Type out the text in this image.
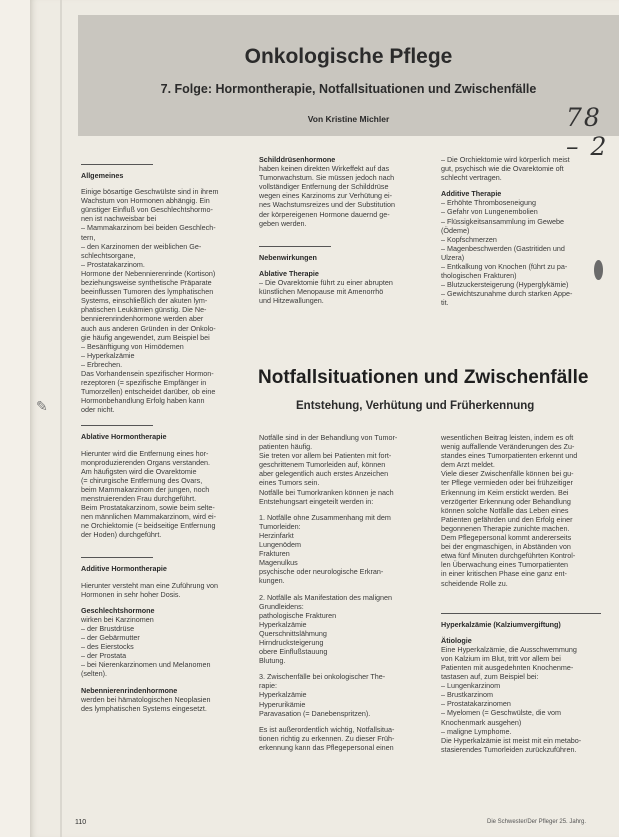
Onkologische Pflege
7. Folge: Hormontherapie, Notfallsituationen und Zwischenfälle
Von Kristine Michler	78 – 2

Allgemeines

Einige bösartige Geschwülste sind in ihrem

Wachstum von Hormonen abhängig. Ein

günstiger Einfluß von Geschlechtshormo-

nen ist nachweisbar bei

– Mammakarzinom bei beiden Geschlech-

tern,

– den Karzinomen der weiblichen Ge-

schlechtsorgane,

– Prostatakarzinom.

Hormone der Nebennierenrinde (Kortison)

beziehungsweise synthetische Präparate

beeinflussen Tumoren des lymphatischen

Systems, einschließlich der akuten lym-

phatischen Leukämien günstig. Die Ne-

bennierenrindenhormone werden aber

auch aus anderen Gründen in der Onkolo-

gie häufig angewendet, zum Beispiel bei

– Besänftigung von Hirnödemen

– Hyperkalzämie

– Erbrechen.

Das Vorhandensein spezifischer Hormon-

rezeptoren (= spezifische Empfänger in

Tumorzellen) entscheidet darüber, ob eine

Hormonbehandlung Erfolg haben kann

oder nicht.

Ablative Hormontherapie

Hierunter wird die Entfernung eines hor-

monproduzierenden Organs verstanden.

Am häufigsten wird die Ovarektomie

(= chirurgische Entfernung des Ovars,

beim Mammakarzinom der jungen, noch

menstruierenden Frau durchgeführt.

Beim Prostatakarzinom, sowie beim selte-

nen männlichen Mammakarzinom, wird ei-

ne Orchiektomie (= beidseitige Entfernung

der Hoden) durchgeführt.

Additive Hormontherapie

Hierunter versteht man eine Zuführung von

Hormonen in sehr hoher Dosis.

Geschlechtshormone

wirken bei Karzinomen

– der Brustdrüse

– der Gebärmutter

– des Eierstocks

– der Prostata

– bei Nierenkarzinomen und Melanomen

(selten).

Nebennierenrindenhormone

werden bei hämatologischen Neoplasien

des lymphatischen Systems eingesetzt.

Schilddrüsenhormone

haben keinen direkten Wirkeffekt auf das

Tumorwachstum. Sie müssen jedoch nach

vollständiger Entfernung der Schilddrüse

wegen eines Karzinoms zur Verhütung ei-

nes Wachstumsreizes und der Substitution

der körpereigenen Hormone dauernd ge-

geben werden.

Nebenwirkungen

Ablative Therapie

– Die Ovarektomie führt zu einer abrupten

künstlichen Menopause mit Amenorrhö

und Hitzewallungen.

– Die Orchiektomie wird körperlich meist

gut, psychisch wie die Ovarektomie oft

schlecht vertragen.

Additive Therapie

– Erhöhte Thromboseneigung

– Gefahr von Lungenembolien

– Flüssigkeitsansammlung im Gewebe

(Ödeme)

– Kopfschmerzen

– Magenbeschwerden (Gastritiden und

Ulzera)

– Entkalkung von Knochen (führt zu pa-

thologischen Frakturen)

– Blutzuckersteigerung (Hyperglykämie)

– Gewichtszunahme durch starken Appe-

tit.

Notfallsituationen und Zwischenfälle
Entstehung, Verhütung und Früherkennung

Notfälle sind in der Behandlung von Tumor-

patienten häufig.

Sie treten vor allem bei Patienten mit fort-

geschrittenem Tumorleiden auf, können

aber gelegentlich auch erstes Anzeichen

eines Tumors sein.

Notfälle bei Tumorkranken können je nach

Entstehungsart eingeteilt werden in:

1. Notfälle ohne Zusammenhang mit dem

Tumorleiden:

Herzinfarkt

Lungenödem

Frakturen

Magenulkus

psychische oder neurologische Erkran-

kungen.

2. Notfälle als Manifestation des malignen

Grundleidens:

pathologische Frakturen

Hyperkalzämie

Querschnittslähmung

Hirndrucksteigerung

obere Einflußstauung

Blutung.

3. Zwischenfälle bei onkologischer The-

rapie:

Hyperkalzämie

Hyperurikämie

Paravasation (= Danebenspritzen).

Es ist außerordentlich wichtig, Notfallsitua-

tionen richtig zu erkennen. Zu dieser Früh-

erkennung kann das Pflegepersonal einen

wesentlichen Beitrag leisten, indem es oft

wenig auffallende Veränderungen des Zu-

standes eines Tumorpatienten erkennt und

dem Arzt meldet.

Viele dieser Zwischenfälle können bei gu-

ter Pflege vermieden oder bei frühzeitiger

Erkennung im Keim erstickt werden. Bei

verzögerter Erkennung oder Behandlung

können solche Notfälle das Leben eines

Patienten gefährden und den Erfolg einer

begonnenen Therapie zunichte machen.

Dem Pflegepersonal kommt andererseits

bei der engmaschigen, in Abständen von

etwa fünf Minuten durchgeführten Kontrol-

len Überwachung eines Tumorpatienten

in einer kritischen Phase eine ganz ent-

scheidende Rolle zu.

Hyperkalzämie (Kalziumvergiftung)

Ätiologie

Eine Hyperkalzämie, die Ausschwemmung

von Kalzium im Blut, tritt vor allem bei

Patienten mit ausgedehnten Knochenme-

tastasen auf, zum Beispiel bei:

– Lungenkarzinom

– Brustkarzinom

– Prostatakarzinomen

– Myelomen (= Geschwülste, die vom

Knochenmark ausgehen)

– maligne Lymphome.

Die Hyperkalzämie ist meist mit ein metabo-

stasierendes Tumorleiden zurückzuführen.

110	Die Schwester/Der Pfleger 25. Jahrg.
✎
